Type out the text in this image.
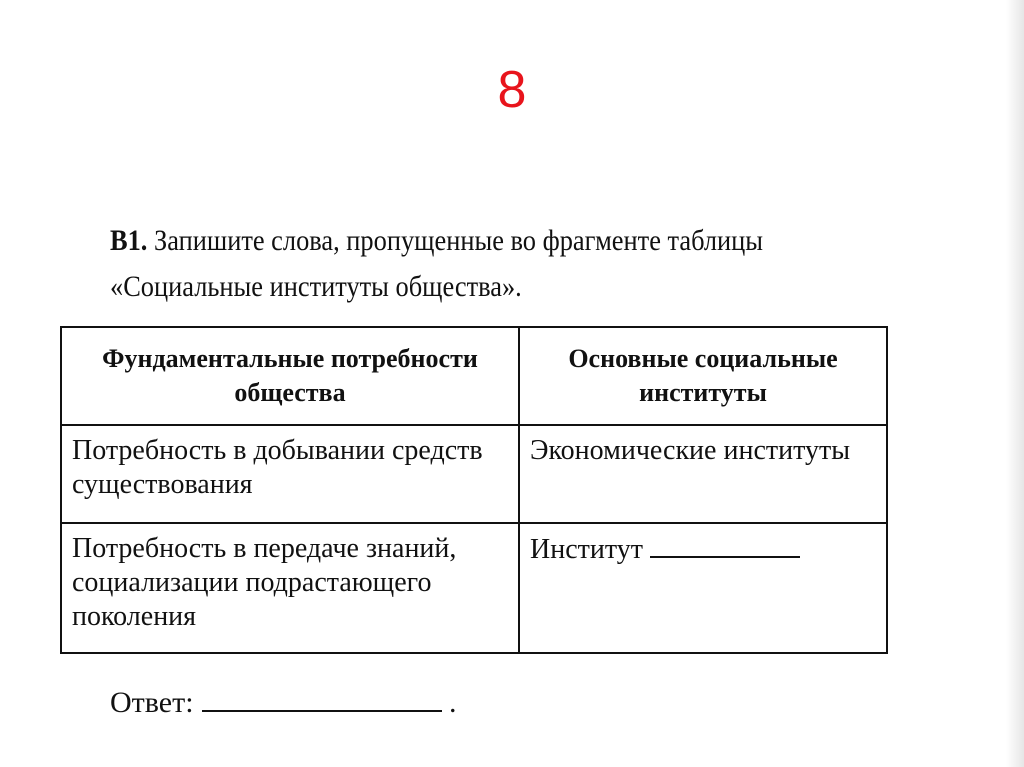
8
B1. Запишите слова, пропущенные во фрагменте таблицы «Социальные институты общества».
Фундаментальные потребности общества	Основные социальные институты
Потребность в добывании средств существования	Экономические институты
Потребность в передаче знаний, социализации подрастающего поколения	Институт
Ответ:	.
